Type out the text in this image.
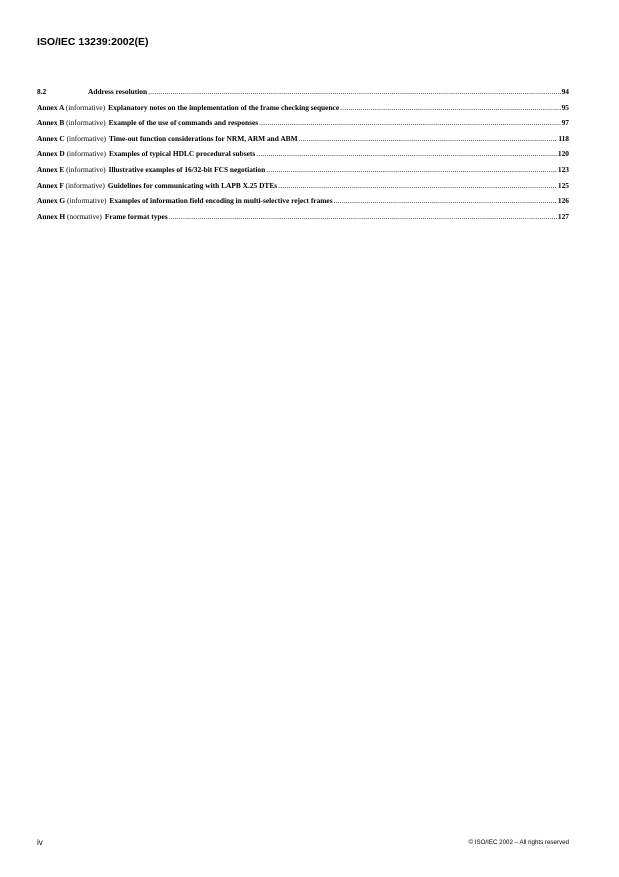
ISO/IEC 13239:2002(E)
8.2	Address resolution .....	94
Annex A (informative) Explanatory notes on the implementation of the frame checking sequence .....	95
Annex B (informative) Example of the use of commands and responses .....	97
Annex C (informative) Time-out function considerations for NRM, ARM and ABM .....	118
Annex D (informative) Examples of typical HDLC procedural subsets .....	120
Annex E (informative) Illustrative examples of 16/32-bit FCS negotiation .....	123
Annex F (informative) Guidelines for communicating with LAPB X.25 DTEs .....	125
Annex G (informative) Examples of information field encoding in multi-selective reject frames .....	126
Annex H (normative) Frame format types .....	127
iv	© ISO/IEC 2002 – All rights reserved
